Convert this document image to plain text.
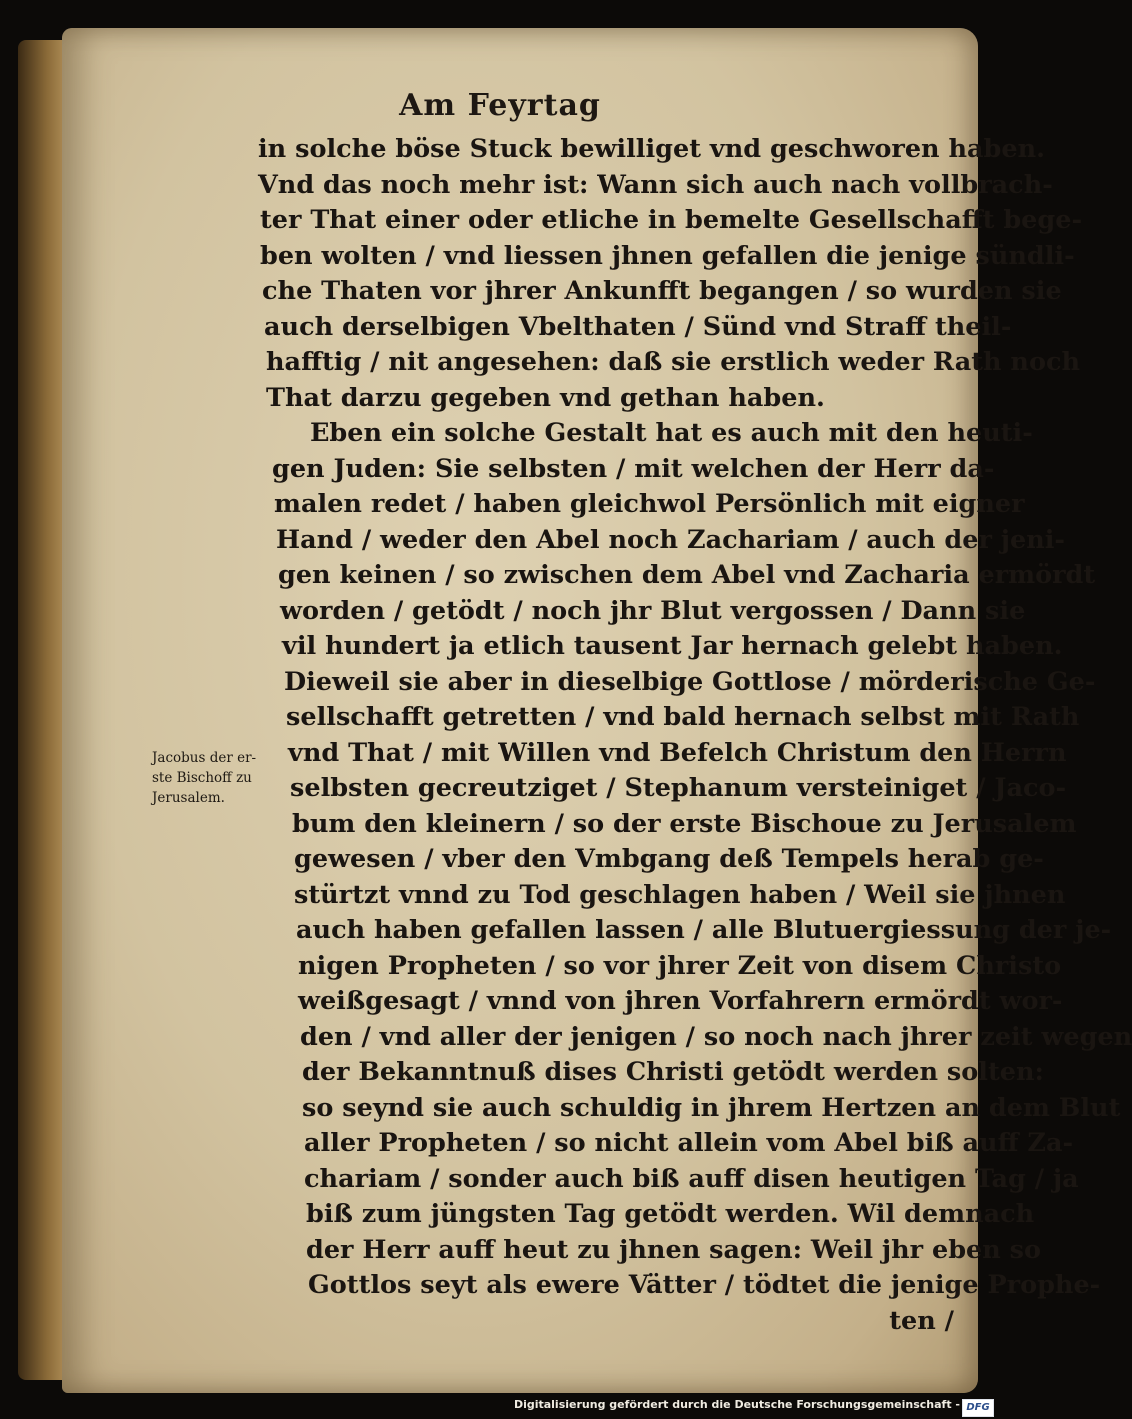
Am Feyrtag
in solche böse Stuck bewilliget vnd geschworen haben.
Vnd das noch mehr ist: Wann sich auch nach vollbrach-
ter That einer oder etliche in bemelte Gesellschafft bege-
ben wolten / vnd liessen jhnen gefallen die jenige sündli-
che Thaten vor jhrer Ankunfft begangen / so wurden sie
auch derselbigen Vbelthaten / Sünd vnd Straff theil-
hafftig / nit angesehen: daß sie erstlich weder Rath noch
That darzu gegeben vnd gethan haben.
Eben ein solche Gestalt hat es auch mit den heuti-
gen Juden: Sie selbsten / mit welchen der Herr da-
malen redet / haben gleichwol Persönlich mit eigner
Hand / weder den Abel noch Zachariam / auch der jeni-
gen keinen / so zwischen dem Abel vnd Zacharia ermördt
worden / getödt / noch jhr Blut vergossen / Dann sie
vil hundert ja etlich tausent Jar hernach gelebt haben.
Dieweil sie aber in dieselbige Gottlose / mörderische Ge-
sellschafft getretten / vnd bald hernach selbst mit Rath
vnd That / mit Willen vnd Befelch Christum den Herrn
selbsten gecreutziget / Stephanum versteiniget / Jaco-
bum den kleinern / so der erste Bischoue zu Jerusalem
gewesen / vber den Vmbgang deß Tempels herab ge-
stürtzt vnnd zu Tod geschlagen haben / Weil sie jhnen
auch haben gefallen lassen / alle Blutuergiessung der je-
nigen Propheten / so vor jhrer Zeit von disem Christo
weißgesagt / vnnd von jhren Vorfahrern ermördt wor-
den / vnd aller der jenigen / so noch nach jhrer zeit wegen
der Bekanntnuß dises Christi getödt werden solten:
so seynd sie auch schuldig in jhrem Hertzen an dem Blut
aller Propheten / so nicht allein vom Abel biß auff Za-
chariam / sonder auch biß auff disen heutigen Tag / ja
biß zum jüngsten Tag getödt werden. Wil demnach
der Herr auff heut zu jhnen sagen: Weil jhr eben so
Gottlos seyt als ewere Vätter / tödtet die jenige Prophe-
ten /
Jacobus der er-
ste Bischoff zu
Jerusalem.
Digitalisierung gefördert durch die Deutsche Forschungsgemeinschaft - DFG
